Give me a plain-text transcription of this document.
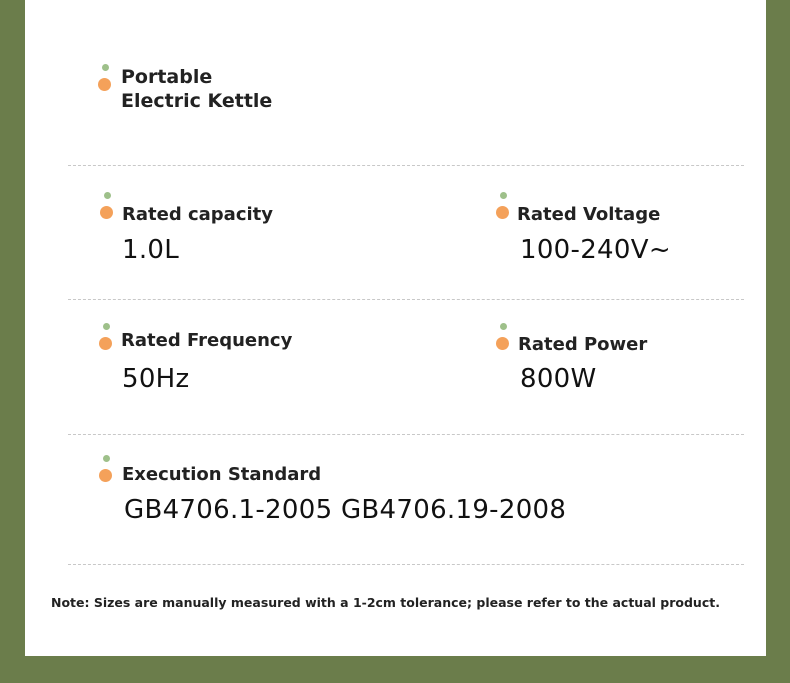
Portable
Electric Kettle
Rated capacity
1.0L
Rated Voltage
100-240V~
Rated Frequency
50Hz
Rated Power
800W
Execution Standard
GB4706.1-2005 GB4706.19-2008
Note: Sizes are manually measured with a 1-2cm tolerance; please refer to the actual product.
